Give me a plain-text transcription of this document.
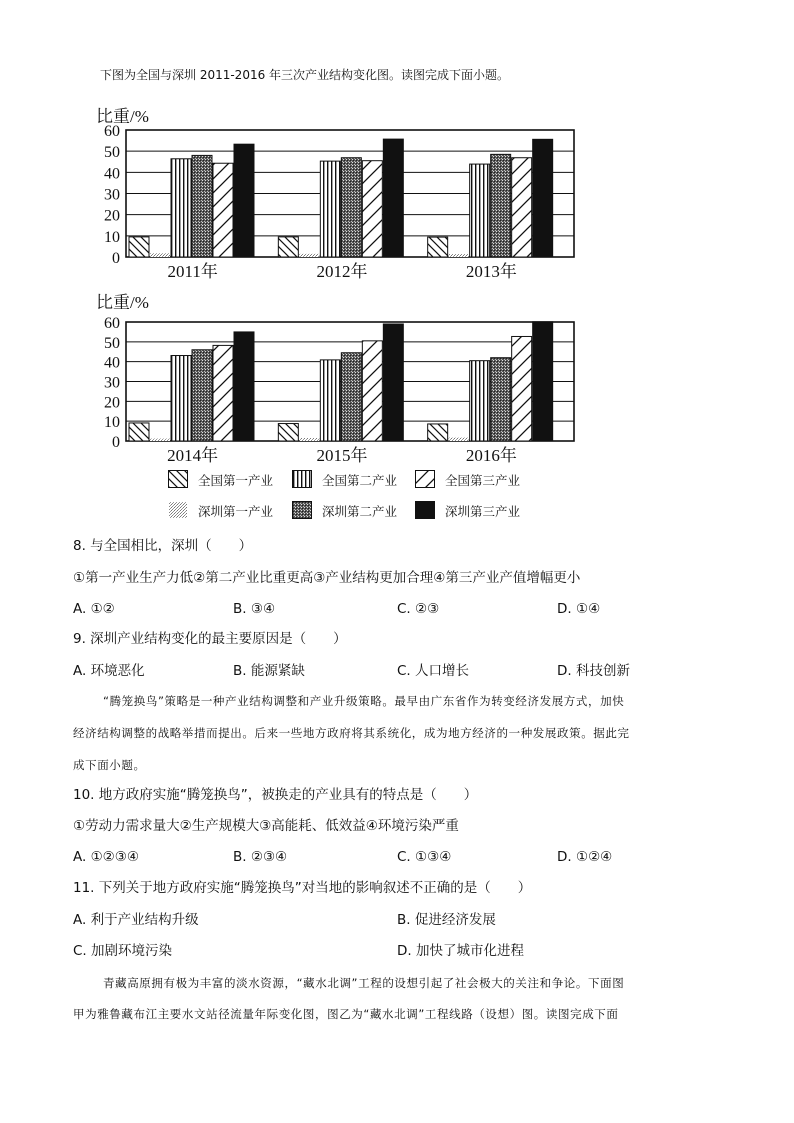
下图为全国与深圳 2011-2016 年三次产业结构变化图。读图完成下面小题。
比重/%
0
10
20
30
40
50
60
2011年	2012年	2013年
比重/%
0
10
20
30
40
50
60
2014年	2015年	2016年
全国第一产业	全国第二产业	全国第三产业
深圳第一产业	深圳第二产业	深圳第三产业
8. 与全国相比，深圳（　　）
①第一产业生产力低②第二产业比重更高③产业结构更加合理④第三产业产值增幅更小
A. ①②	B. ③④	C. ②③	D. ①④
9. 深圳产业结构变化的最主要原因是（　　）
A. 环境恶化	B. 能源紧缺	C. 人口增长	D. 科技创新
“腾笼换鸟”策略是一种产业结构调整和产业升级策略。最早由广东省作为转变经济发展方式，加快
经济结构调整的战略举措而提出。后来一些地方政府将其系统化，成为地方经济的一种发展政策。据此完
成下面小题。
10. 地方政府实施“腾笼换鸟”，被换走的产业具有的特点是（　　）
①劳动力需求量大②生产规模大③高能耗、低效益④环境污染严重
A. ①②③④	B. ②③④	C. ①③④	D. ①②④
11. 下列关于地方政府实施“腾笼换鸟”对当地的影响叙述不正确的是（　　）
A. 利于产业结构升级	B. 促进经济发展
C. 加剧环境污染	D. 加快了城市化进程
青藏高原拥有极为丰富的淡水资源，“藏水北调”工程的设想引起了社会极大的关注和争论。下面图
甲为雅鲁藏布江主要水文站径流量年际变化图，图乙为“藏水北调”工程线路（设想）图。读图完成下面
